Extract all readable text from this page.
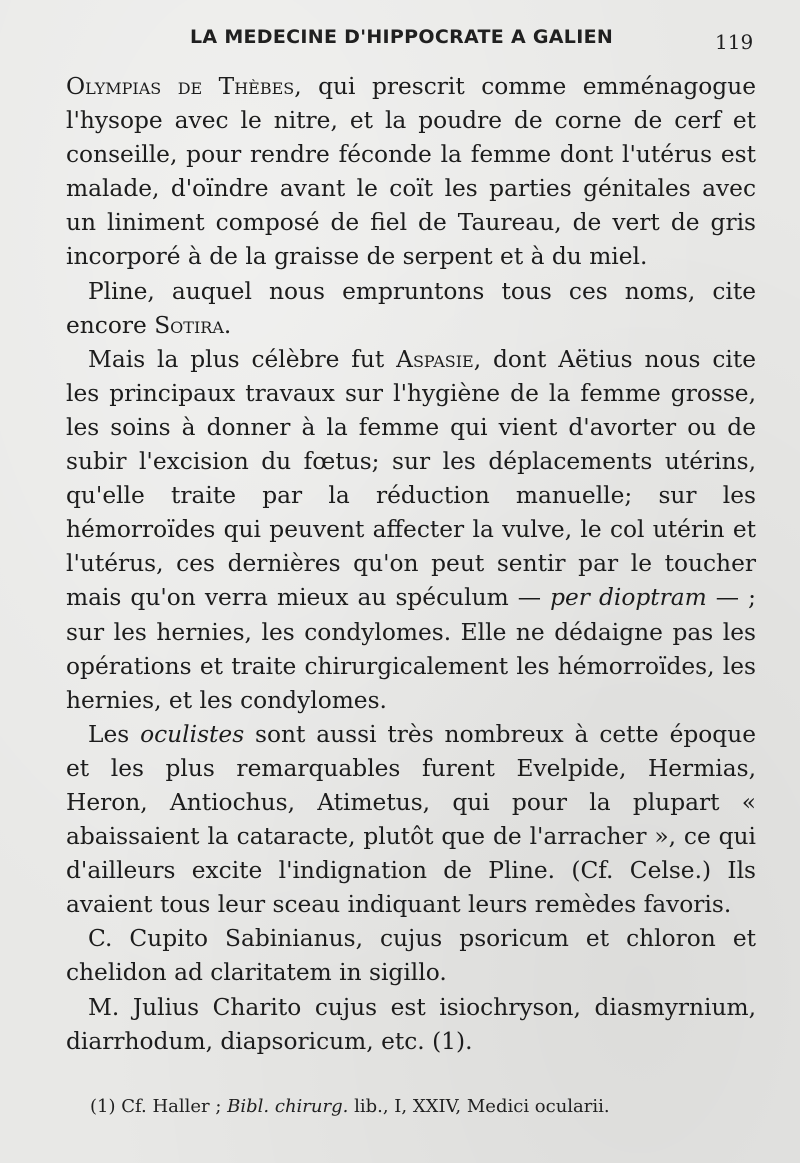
LA MEDECINE D'HIPPOCRATE A GALIEN	119

Olympias de Thèbes, qui prescrit comme emménagogue l'hysope avec le nitre, et la poudre de corne de cerf et conseille, pour rendre féconde la femme dont l'utérus est malade, d'oïndre avant le coït les parties génitales avec un liniment composé de fiel de Taureau, de vert de gris incorporé à de la graisse de serpent et à du miel.

Pline, auquel nous empruntons tous ces noms, cite encore Sotira.

Mais la plus célèbre fut Aspasie, dont Aëtius nous cite les principaux travaux sur l'hygiène de la femme grosse, les soins à donner à la femme qui vient d'avorter ou de subir l'excision du fœtus; sur les déplacements utérins, qu'elle traite par la réduction manuelle; sur les hémorroïdes qui peuvent affecter la vulve, le col utérin et l'utérus, ces dernières qu'on peut sentir par le toucher mais qu'on verra mieux au spéculum — per dioptram — ; sur les hernies, les condylomes. Elle ne dédaigne pas les opérations et traite chirurgicalement les hémorroïdes, les hernies, et les condylomes.

Les oculistes sont aussi très nombreux à cette époque et les plus remarquables furent Evelpide, Hermias, Heron, Antiochus, Atimetus, qui pour la plupart « abaissaient la cataracte, plutôt que de l'arracher », ce qui d'ailleurs excite l'indignation de Pline. (Cf. Celse.) Ils avaient tous leur sceau indiquant leurs remèdes favoris.

C. Cupito Sabinianus, cujus psoricum et chloron et chelidon ad claritatem in sigillo.

M. Julius Charito cujus est isiochryson, diasmyrnium, diarrhodum, diapsoricum, etc. (1).

(1) Cf. Haller ; Bibl. chirurg. lib., I, XXIV, Medici ocularii.
